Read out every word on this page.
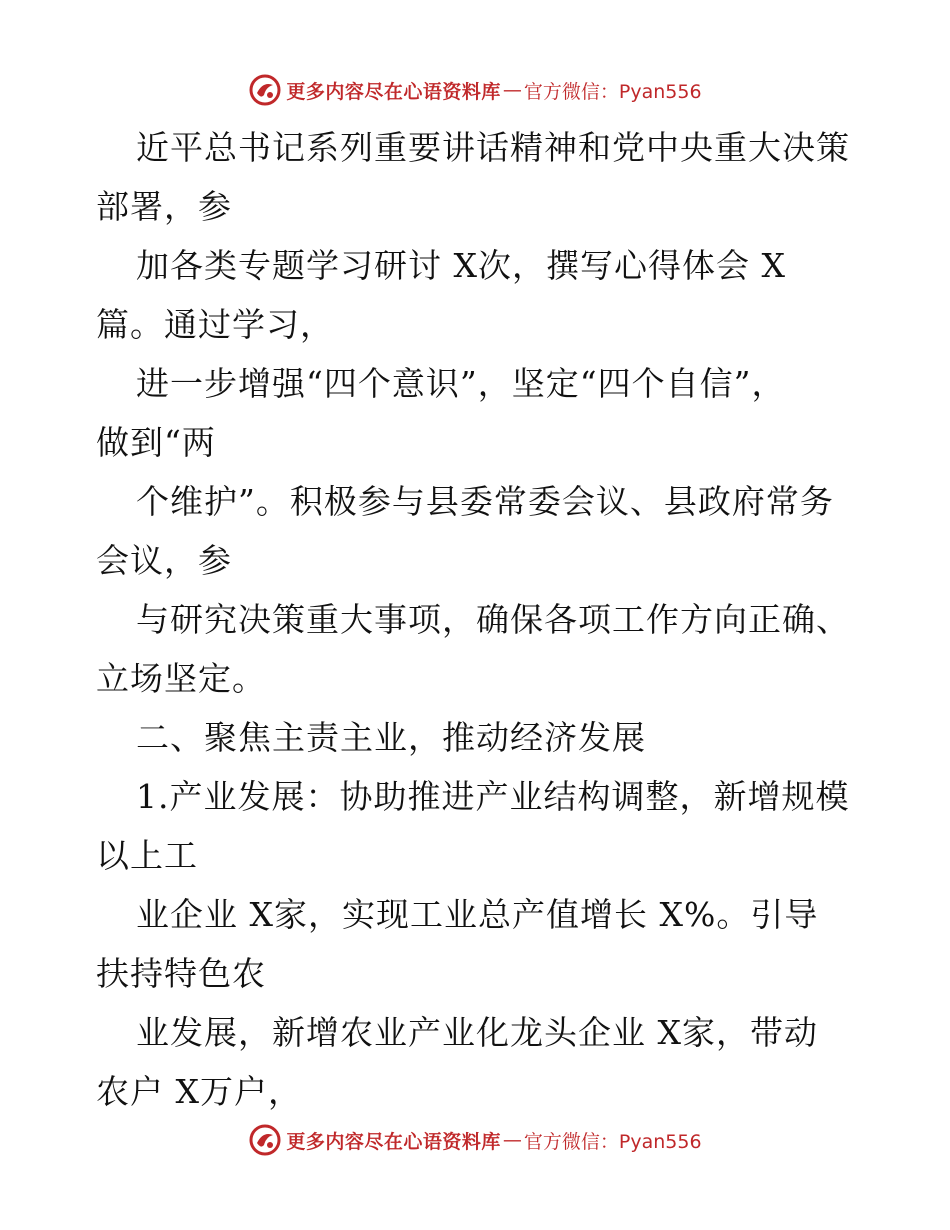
更多内容尽在心语资料库 — 官方微信：Pyan556
近平总书记系列重要讲话精神和党中央重大决策
部署，参
加各类专题学习研讨 X次，撰写心得体会 X
篇。通过学习，
进一步增强“四个意识”，坚定“四个自信”，
做到“两
个维护”。积极参与县委常委会议、县政府常务
会议，参
与研究决策重大事项，确保各项工作方向正确、
立场坚定。
二、聚焦主责主业，推动经济发展
1.产业发展：协助推进产业结构调整，新增规模
以上工
业企业 X家，实现工业总产值增长 X%。引导
扶持特色农
业发展，新增农业产业化龙头企业 X家，带动
农户 X万户，
更多内容尽在心语资料库 — 官方微信：Pyan556
